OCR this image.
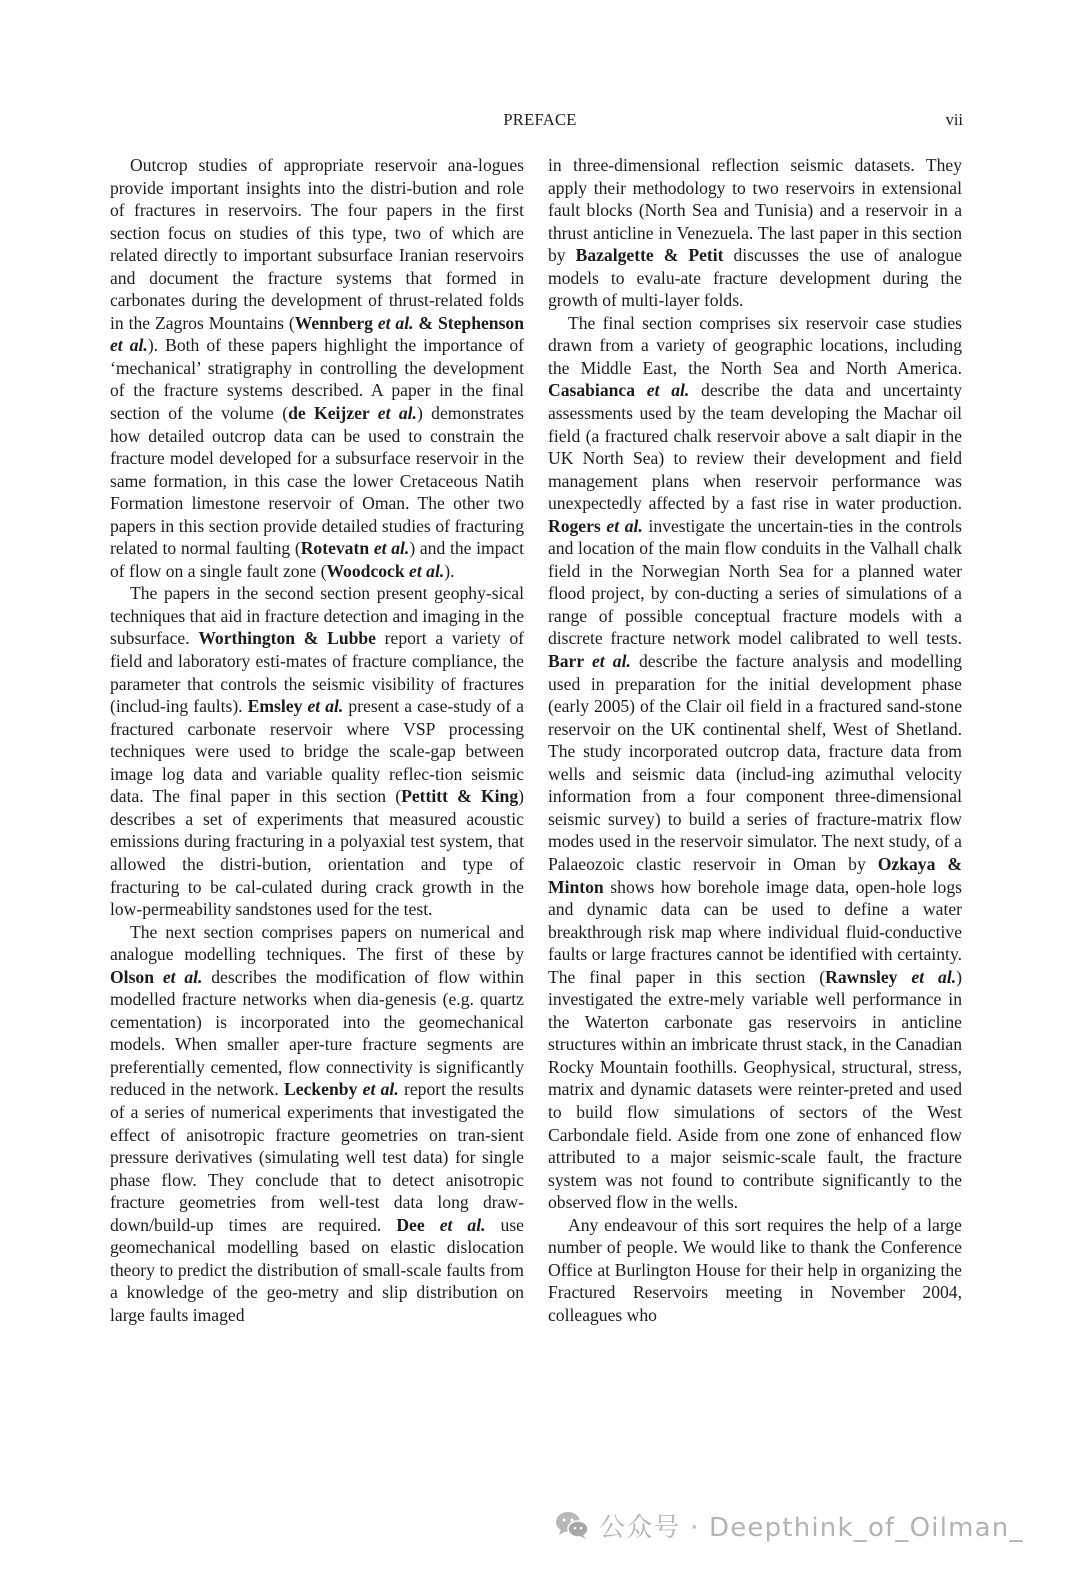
PREFACE	vii

Outcrop studies of appropriate reservoir ana-logues provide important insights into the distri-bution and role of fractures in reservoirs. The four papers in the first section focus on studies of this type, two of which are related directly to important subsurface Iranian reservoirs and document the fracture systems that formed in carbonates during the development of thrust-related folds in the Zagros Mountains (Wennberg et al. & Stephenson et al.). Both of these papers highlight the importance of ‘mechanical’ stratigraphy in controlling the development of the fracture systems described. A paper in the final section of the volume (de Keijzer et al.) demonstrates how detailed outcrop data can be used to constrain the fracture model developed for a subsurface reservoir in the same formation, in this case the lower Cretaceous Natih Formation limestone reservoir of Oman. The other two papers in this section provide detailed studies of fracturing related to normal faulting (Rotevatn et al.) and the impact of flow on a single fault zone (Woodcock et al.).

The papers in the second section present geophy-sical techniques that aid in fracture detection and imaging in the subsurface. Worthington & Lubbe report a variety of field and laboratory esti-mates of fracture compliance, the parameter that controls the seismic visibility of fractures (includ-ing faults). Emsley et al. present a case-study of a fractured carbonate reservoir where VSP processing techniques were used to bridge the scale-gap between image log data and variable quality reflec-tion seismic data. The final paper in this section (Pettitt & King) describes a set of experiments that measured acoustic emissions during fracturing in a polyaxial test system, that allowed the distri-bution, orientation and type of fracturing to be cal-culated during crack growth in the low-permeability sandstones used for the test.

The next section comprises papers on numerical and analogue modelling techniques. The first of these by Olson et al. describes the modification of flow within modelled fracture networks when dia-genesis (e.g. quartz cementation) is incorporated into the geomechanical models. When smaller aper-ture fracture segments are preferentially cemented, flow connectivity is significantly reduced in the network. Leckenby et al. report the results of a series of numerical experiments that investigated the effect of anisotropic fracture geometries on tran-sient pressure derivatives (simulating well test data) for single phase flow. They conclude that to detect anisotropic fracture geometries from well-test data long draw-down/build-up times are required. Dee et al. use geomechanical modelling based on elastic dislocation theory to predict the distribution of small-scale faults from a knowledge of the geo-metry and slip distribution on large faults imaged

in three-dimensional reflection seismic datasets. They apply their methodology to two reservoirs in extensional fault blocks (North Sea and Tunisia) and a reservoir in a thrust anticline in Venezuela. The last paper in this section by Bazalgette & Petit discusses the use of analogue models to evalu-ate fracture development during the growth of multi-layer folds.

The final section comprises six reservoir case studies drawn from a variety of geographic locations, including the Middle East, the North Sea and North America. Casabianca et al. describe the data and uncertainty assessments used by the team developing the Machar oil field (a fractured chalk reservoir above a salt diapir in the UK North Sea) to review their development and field management plans when reservoir performance was unexpectedly affected by a fast rise in water production. Rogers et al. investigate the uncertain-ties in the controls and location of the main flow conduits in the Valhall chalk field in the Norwegian North Sea for a planned water flood project, by con-ducting a series of simulations of a range of possible conceptual fracture models with a discrete fracture network model calibrated to well tests. Barr et al. describe the facture analysis and modelling used in preparation for the initial development phase (early 2005) of the Clair oil field in a fractured sand-stone reservoir on the UK continental shelf, West of Shetland. The study incorporated outcrop data, fracture data from wells and seismic data (includ-ing azimuthal velocity information from a four component three-dimensional seismic survey) to build a series of fracture-matrix flow modes used in the reservoir simulator. The next study, of a Palaeozoic clastic reservoir in Oman by Ozkaya & Minton shows how borehole image data, open-hole logs and dynamic data can be used to define a water breakthrough risk map where individual fluid-conductive faults or large fractures cannot be identified with certainty. The final paper in this section (Rawnsley et al.) investigated the extre-mely variable well performance in the Waterton carbonate gas reservoirs in anticline structures within an imbricate thrust stack, in the Canadian Rocky Mountain foothills. Geophysical, structural, stress, matrix and dynamic datasets were reinter-preted and used to build flow simulations of sectors of the West Carbondale field. Aside from one zone of enhanced flow attributed to a major seismic-scale fault, the fracture system was not found to contribute significantly to the observed flow in the wells.

Any endeavour of this sort requires the help of a large number of people. We would like to thank the Conference Office at Burlington House for their help in organizing the Fractured Reservoirs meeting in November 2004, colleagues who

公众号 · Deepthink_of_Oilman_
